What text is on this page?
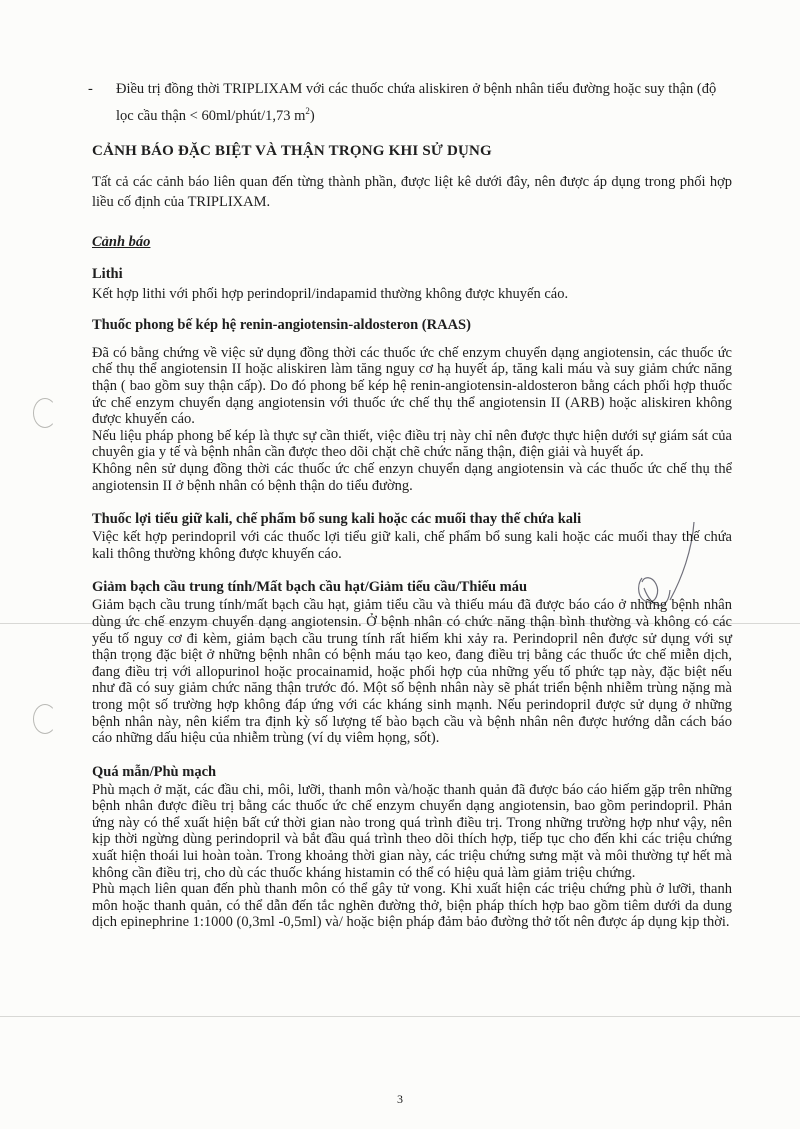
- Điều trị đồng thời TRIPLIXAM với các thuốc chứa aliskiren ở bệnh nhân tiểu đường hoặc suy thận (độ lọc cầu thận < 60ml/phút/1,73 $m^2$)
CẢNH BÁO ĐẶC BIỆT VÀ THẬN TRỌNG KHI SỬ DỤNG

Tất cả các cảnh báo liên quan đến từng thành phần, được liệt kê dưới đây, nên được áp dụng trong phối hợp liều cố định của TRIPLIXAM.

Cảnh báo
Lithi

Kết hợp lithi với phối hợp perindopril/indapamid thường không được khuyến cáo.

Thuốc phong bế kép hệ renin-angiotensin-aldosteron (RAAS)

Đã có bằng chứng về việc sử dụng đồng thời các thuốc ức chế enzym chuyển dạng angiotensin, các thuốc ức chế thụ thể angiotensin II hoặc aliskiren làm tăng nguy cơ hạ huyết áp, tăng kali máu và suy giảm chức năng thận ( bao gồm suy thận cấp). Do đó phong bế kép hệ renin-angiotensin-aldosteron bằng cách phối hợp thuốc ức chế enzym chuyển dạng angiotensin với thuốc ức chế thụ thể angiotensin II (ARB) hoặc aliskiren không được khuyến cáo.

Nếu liệu pháp phong bế kép là thực sự cần thiết, việc điều trị này chỉ nên được thực hiện dưới sự giám sát của chuyên gia y tế và bệnh nhân cần được theo dõi chặt chẽ chức năng thận, điện giải và huyết áp.

Không nên sử dụng đồng thời các thuốc ức chế enzyn chuyển dạng angiotensin và các thuốc ức chế thụ thể angiotensin II ở bệnh nhân có bệnh thận do tiểu đường.

Thuốc lợi tiểu giữ kali, chế phẩm bổ sung kali hoặc các muối thay thế chứa kali

Việc kết hợp perindopril với các thuốc lợi tiểu giữ kali, chế phẩm bổ sung kali hoặc các muối thay thế chứa kali thông thường không được khuyến cáo.

Giảm bạch cầu trung tính/Mất bạch cầu hạt/Giảm tiểu cầu/Thiếu máu

Giảm bạch cầu trung tính/mất bạch cầu hạt, giảm tiểu cầu và thiếu máu đã được báo cáo ở những bệnh nhân dùng ức chế enzym chuyển dạng angiotensin. Ở bệnh nhân có chức năng thận bình thường và không có các yếu tố nguy cơ đi kèm, giảm bạch cầu trung tính rất hiếm khi xảy ra. Perindopril nên được sử dụng với sự thận trọng đặc biệt ở những bệnh nhân có bệnh máu tạo keo, đang điều trị bằng các thuốc ức chế miễn dịch, đang điều trị với allopurinol hoặc procainamid, hoặc phối hợp của những yếu tố phức tạp này, đặc biệt nếu như đã có suy giảm chức năng thận trước đó. Một số bệnh nhân này sẽ phát triển bệnh nhiễm trùng nặng mà trong một số trường hợp không đáp ứng với các kháng sinh mạnh. Nếu perindopril được sử dụng ở những bệnh nhân này, nên kiểm tra định kỳ số lượng tế bào bạch cầu và bệnh nhân nên được hướng dẫn cách báo cáo những dấu hiệu của nhiễm trùng (ví dụ viêm họng, sốt).

Quá mẫn/Phù mạch

Phù mạch ở mặt, các đầu chi, môi, lưỡi, thanh môn và/hoặc thanh quản đã được báo cáo hiếm gặp trên những bệnh nhân được điều trị bằng các thuốc ức chế enzym chuyển dạng angiotensin, bao gồm perindopril. Phản ứng này có thể xuất hiện bất cứ thời gian nào trong quá trình điều trị. Trong những trường hợp như vậy, nên kịp thời ngừng dùng perindopril và bắt đầu quá trình theo dõi thích hợp, tiếp tục cho đến khi các triệu chứng xuất hiện thoái lui hoàn toàn. Trong khoảng thời gian này, các triệu chứng sưng mặt và môi thường tự hết mà không cần điều trị, cho dù các thuốc kháng histamin có thể có hiệu quả làm giảm triệu chứng.

Phù mạch liên quan đến phù thanh môn có thể gây tử vong. Khi xuất hiện các triệu chứng phù ở lưỡi, thanh môn hoặc thanh quản, có thể dẫn đến tắc nghẽn đường thở, biện pháp thích hợp bao gồm tiêm dưới da dung dịch epinephrine 1:1000 (0,3ml -0,5ml) và/ hoặc biện pháp đảm bảo đường thở tốt nên được áp dụng kịp thời.

3
